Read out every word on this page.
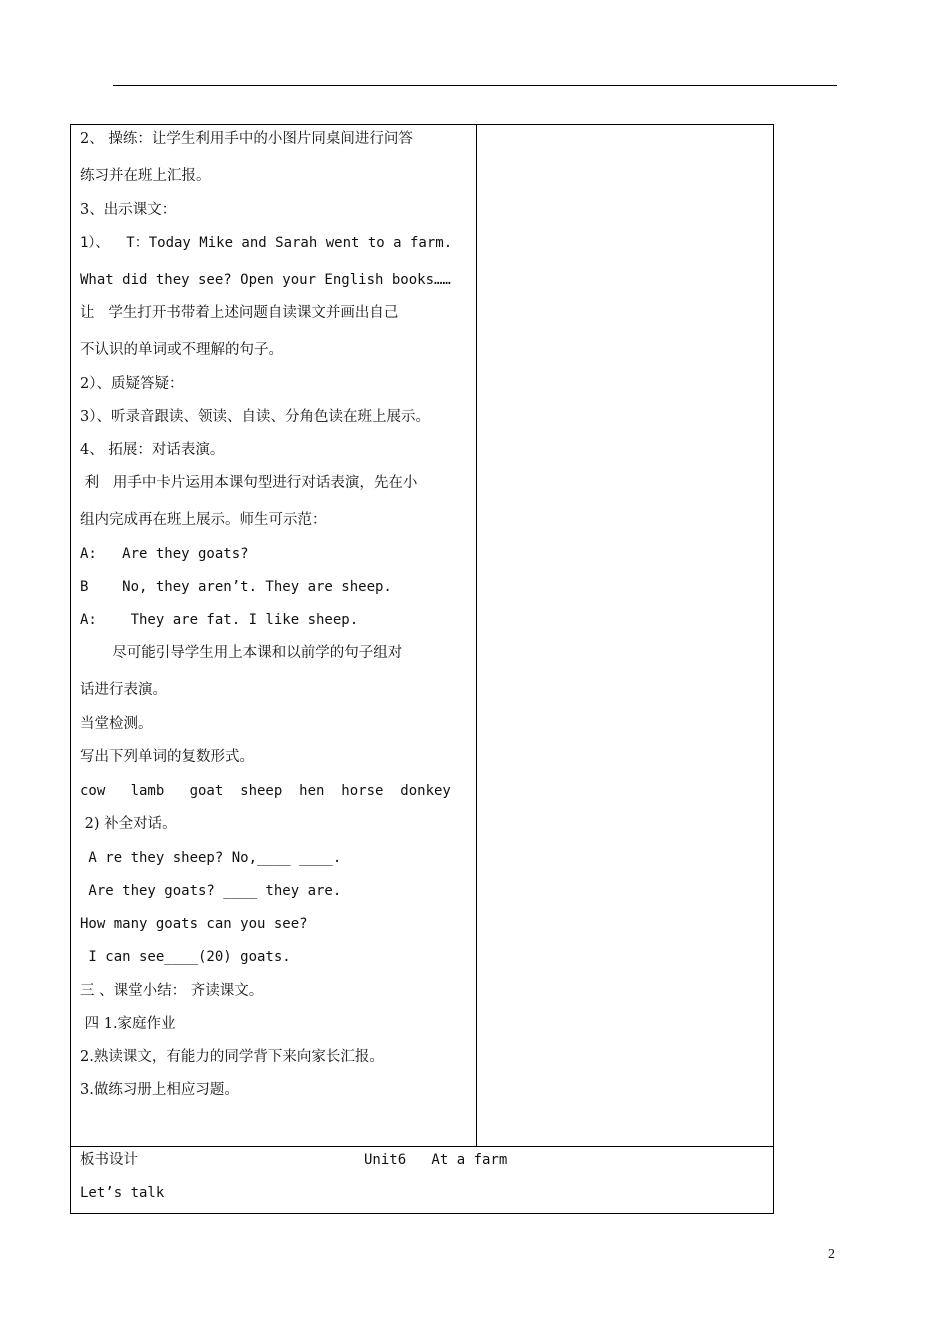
2、 操练：让学生利用手中的小图片同桌间进行问答
练习并在班上汇报。
3、出示课文：
1）、  T：Today Mike and Sarah went to a farm.
What did they see? Open your English books……
让   学生打开书带着上述问题自读课文并画出自己
不认识的单词或不理解的句子。
2）、质疑答疑：
3）、听录音跟读、领读、自读、分角色读在班上展示。
4、 拓展：对话表演。
利   用手中卡片运用本课句型进行对话表演，先在小
组内完成再在班上展示。师生可示范：
A:   Are they goats?
B    No, they aren’t. They are sheep.
A:    They are fat. I like sheep.
尽可能引导学生用上本课和以前学的句子组对
话进行表演。
当堂检测。
写出下列单词的复数形式。
cow   lamb   goat  sheep  hen  horse  donkey
2) 补全对话。
A re they sheep? No,____ ____.
Are they goats? ____ they are.
How many goats can you see?
I can see____(20) goats.
三 、课堂小结： 齐读课文。
四 1.家庭作业
2.熟读课文，有能力的同学背下来向家长汇报。
3.做练习册上相应习题。
板书设计	Unit6   At a farm
Let’s talk
2
